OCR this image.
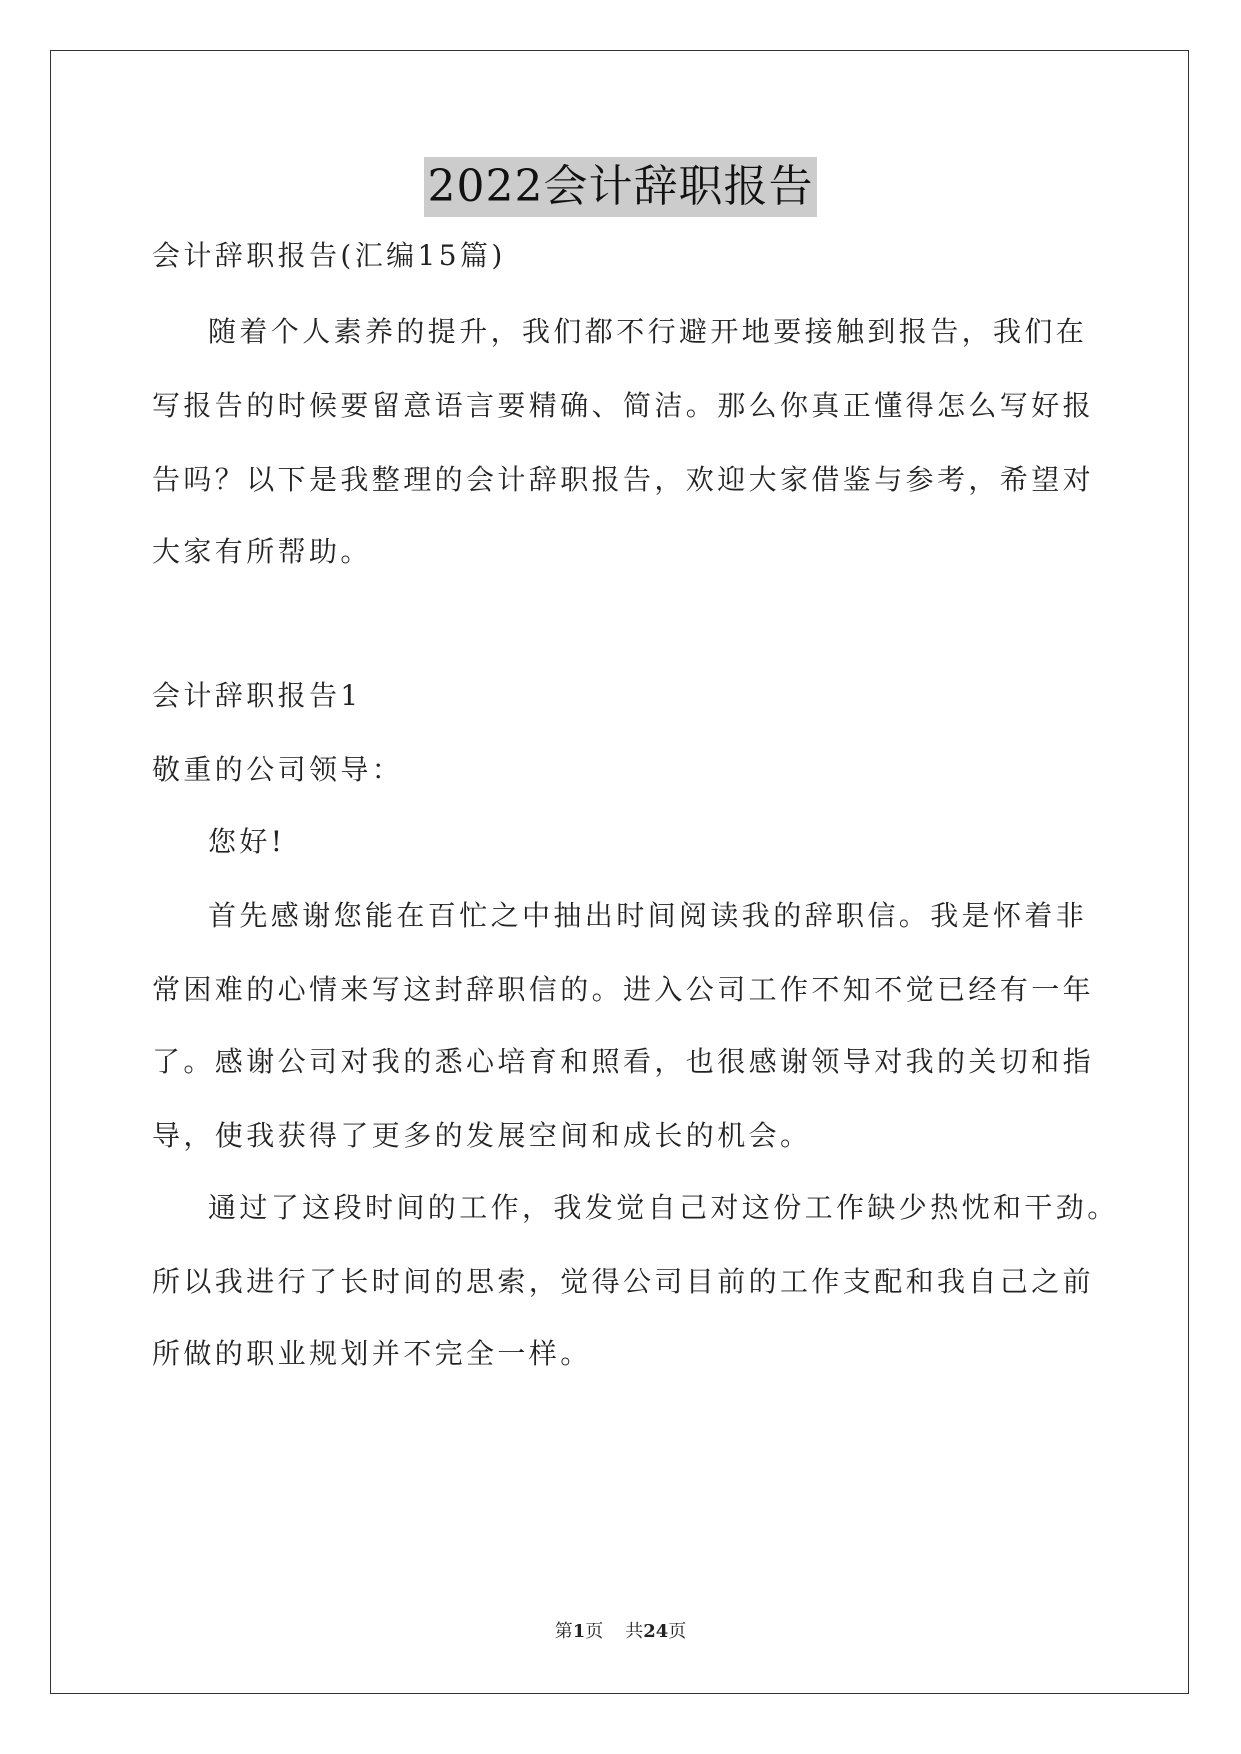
2022会计辞职报告
会计辞职报告(汇编15篇)
随着个人素养的提升，我们都不行避开地要接触到报告，我们在
写报告的时候要留意语言要精确、简洁。那么你真正懂得怎么写好报
告吗？以下是我整理的会计辞职报告，欢迎大家借鉴与参考，希望对
大家有所帮助。
会计辞职报告1
敬重的公司领导：
您好!
首先感谢您能在百忙之中抽出时间阅读我的辞职信。我是怀着非
常困难的心情来写这封辞职信的。进入公司工作不知不觉已经有一年
了。感谢公司对我的悉心培育和照看，也很感谢领导对我的关切和指
导，使我获得了更多的发展空间和成长的机会。
通过了这段时间的工作，我发觉自己对这份工作缺少热忱和干劲。
所以我进行了长时间的思索，觉得公司目前的工作支配和我自己之前
所做的职业规划并不完全一样。
第1页 共24页
